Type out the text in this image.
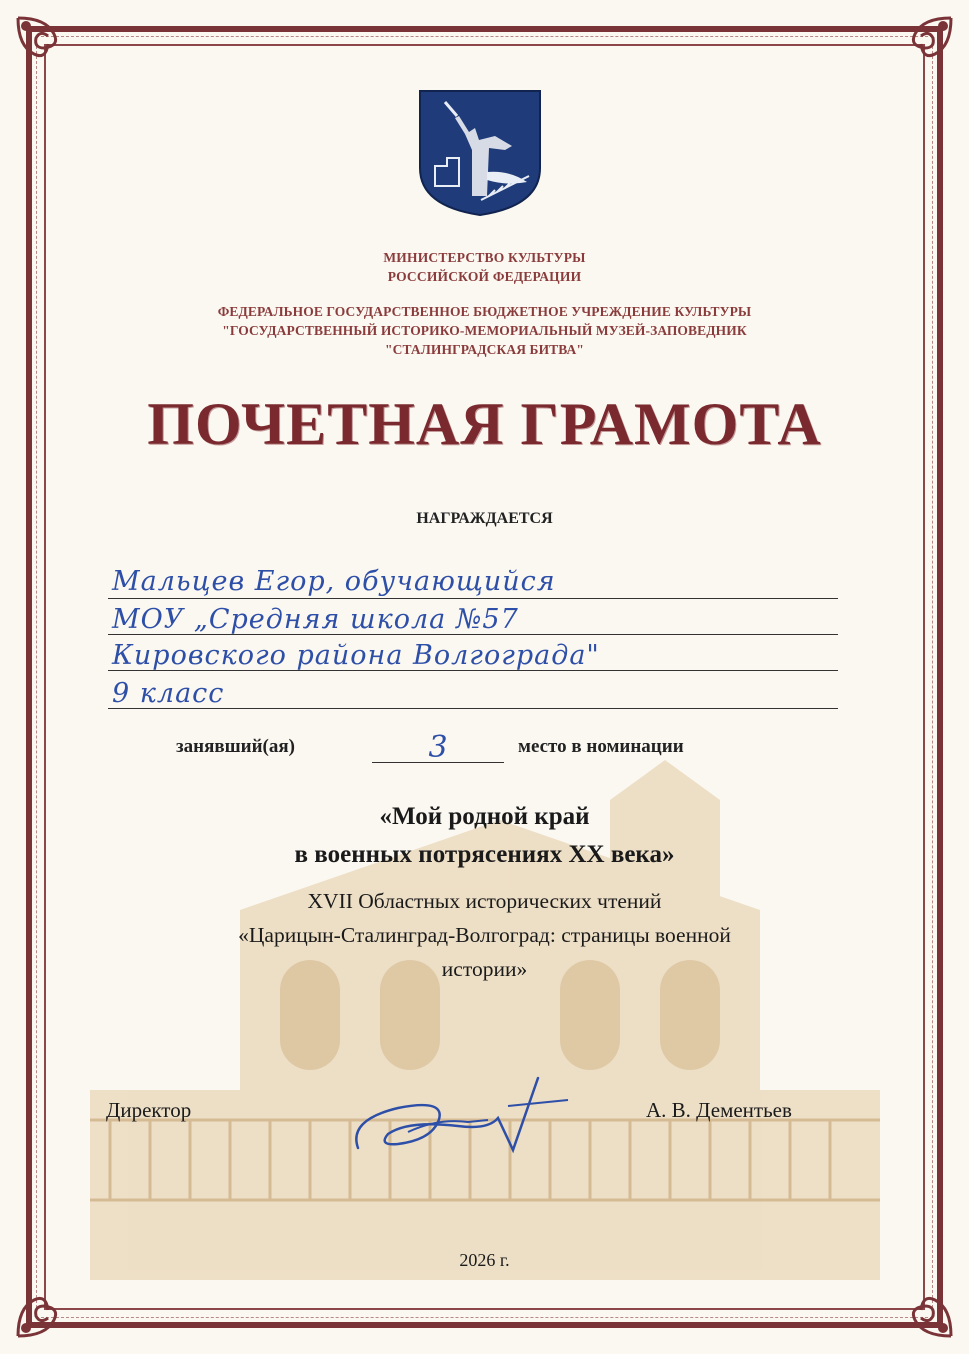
МИНИСТЕРСТВО КУЛЬТУРЫ
РОССИЙСКОЙ ФЕДЕРАЦИИ
ФЕДЕРАЛЬНОЕ ГОСУДАРСТВЕННОЕ БЮДЖЕТНОЕ УЧРЕЖДЕНИЕ КУЛЬТУРЫ
"ГОСУДАРСТВЕННЫЙ ИСТОРИКО-МЕМОРИАЛЬНЫЙ МУЗЕЙ-ЗАПОВЕДНИК
"СТАЛИНГРАДСКАЯ БИТВА"
ПОЧЕТНАЯ ГРАМОТА
НАГРАЖДАЕТСЯ
Мальцев Егор, обучающийся
МОУ „Средняя школа №57
Кировского района Волгограда"
9 класс
занявший(ая)	3	место в номинации
«Мой родной край
в военных потрясениях XX века»
XVII Областных исторических чтений
«Царицын-Сталинград-Волгоград: страницы военной
истории»
Директор	А. В. Дементьев
2026 г.
